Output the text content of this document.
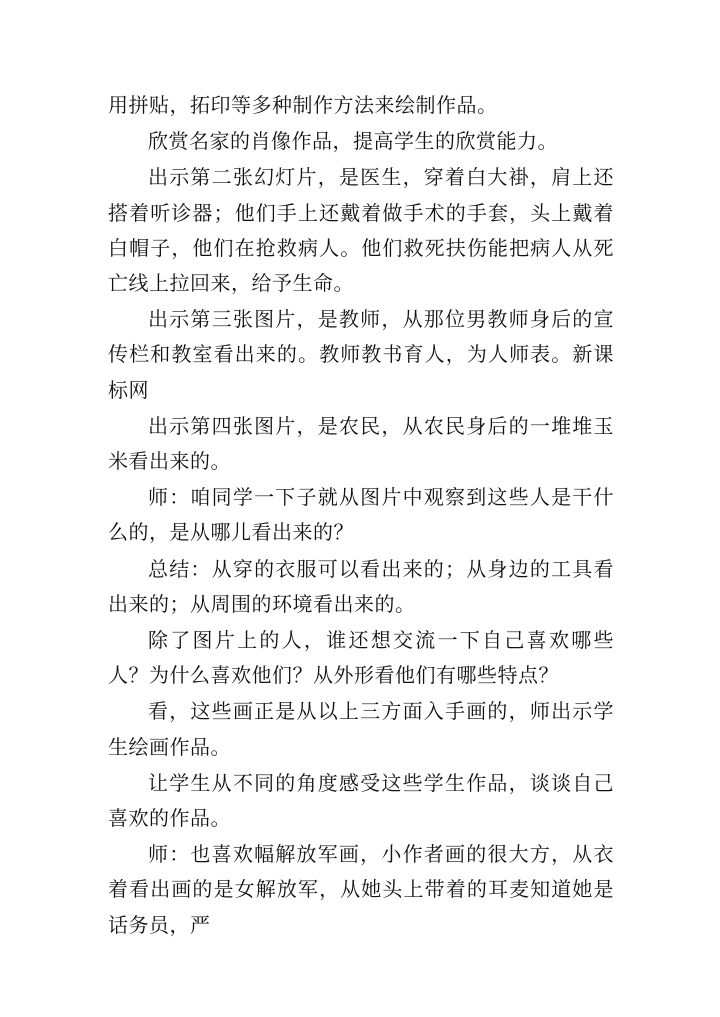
用拼贴，拓印等多种制作方法来绘制作品。

欣赏名家的肖像作品，提高学生的欣赏能力。

出示第二张幻灯片，是医生，穿着白大褂，肩上还搭着听诊器；他们手上还戴着做手术的手套，头上戴着白帽子，他们在抢救病人。他们救死扶伤能把病人从死亡线上拉回来，给予生命。

出示第三张图片，是教师，从那位男教师身后的宣传栏和教室看出来的。教师教书育人，为人师表。新课标网

出示第四张图片，是农民，从农民身后的一堆堆玉米看出来的。

师：咱同学一下子就从图片中观察到这些人是干什么的，是从哪儿看出来的？

总结：从穿的衣服可以看出来的；从身边的工具看出来的；从周围的环境看出来的。

除了图片上的人，谁还想交流一下自己喜欢哪些人？为什么喜欢他们？从外形看他们有哪些特点？

看，这些画正是从以上三方面入手画的，师出示学生绘画作品。

让学生从不同的角度感受这些学生作品，谈谈自己喜欢的作品。

师：也喜欢幅解放军画，小作者画的很大方，从衣着看出画的是女解放军，从她头上带着的耳麦知道她是话务员，严
